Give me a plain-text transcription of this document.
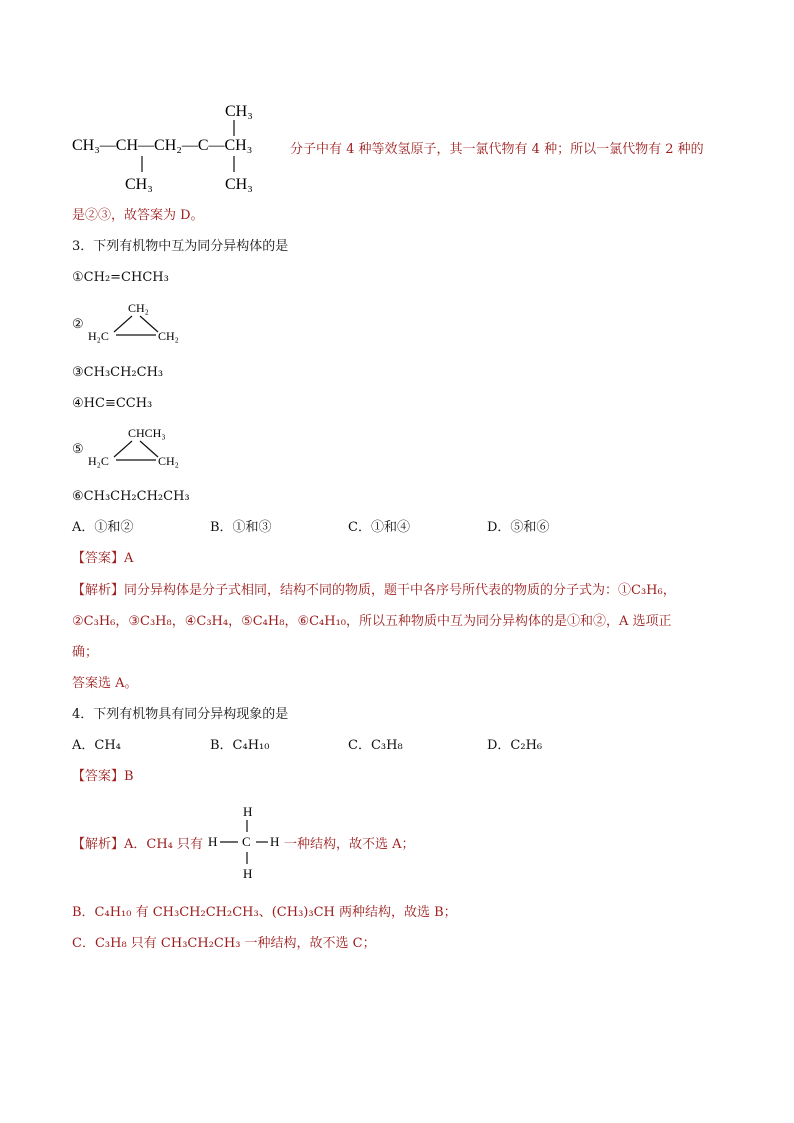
CH₃
CH₃—CH—CH₂—C—CH₃
CH₃	CH₃
分子中有 4 种等效氢原子，其一氯代物有 4 种；所以一氯代物有 2 种的
是②③，故答案为 D。
3．下列有机物中互为同分异构体的是
①CH₂=CHCH₃
②
CH₂
H₂C	CH₂
③CH₃CH₂CH₃
④HC≡CCH₃
⑤
CHCH₃
H₂C	CH₂
⑥CH₃CH₂CH₂CH₃
A．①和②	B．①和③	C．①和④	D．⑤和⑥
【答案】A
【解析】同分异构体是分子式相同，结构不同的物质，题干中各序号所代表的物质的分子式为：①C₃H₆，
②C₃H₆，③C₃H₈，④C₃H₄，⑤C₄H₈，⑥C₄H₁₀，所以五种物质中互为同分异构体的是①和②，A 选项正
确；
答案选 A。
4．下列有机物具有同分异构现象的是
A．CH₄	B．C₄H₁₀	C．C₃H₈	D．C₂H₆
【答案】B
【解析】A．CH₄ 只有
H
H C H
H
一种结构，故不选 A；
B．C₄H₁₀ 有 CH₃CH₂CH₂CH₃、(CH₃)₃CH 两种结构，故选 B；
C．C₃H₈ 只有 CH₃CH₂CH₃ 一种结构，故不选 C；
